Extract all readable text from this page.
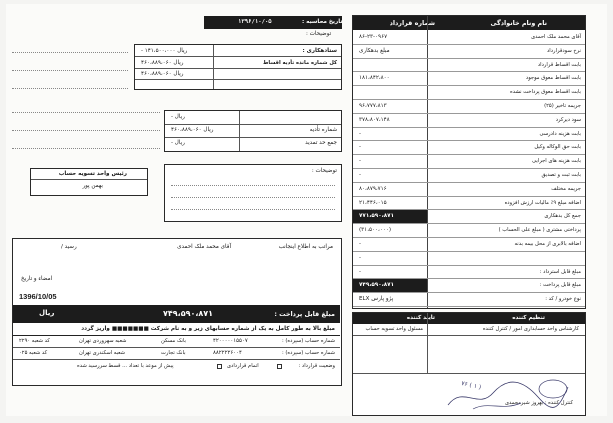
نام ونام خانوادگی
شماره قرارداد
آقای محمد ملک احمدی
۸۶-۲۳-۰۹۶۷
نرخ سودقرارداد
مبلغ بدهکاری
بابت اقساط قرارداد
بابت اقساط معوق موجود
۱۸۱،۸۴۲،۸۰۰
بابت اقساط معوق پرداخت نشده
جریمه تاخیر (۲۵)
۹۶،۷۷۷،۸۱۳
سود دیرکرد
۳۷۸،۸۰۷،۱۴۸
بابت هزینه دادرسی
-
بابت حق الوکاله وکیل
-
بابت هزینه های اجرایی
-
بابت ثبت و تصدیق
-
جریمه مختلف
۸۰،۸۷۹،۷۱۶
اضافه مبلغ ۹٪ مالیات ارزش افزوده
۲۱،۴۴۶،۰۱۵
جمع کل بدهکاری
۷۷۱،۵۹۰،۸۷۱
پرداختی مشتری ( مبلغ علی الحساب )
(۳۱،۵۰۰،۰۰۰)
اضافه بالابری از محل بیمه بدنه
-
-
مبلغ قابل استرداد :
-
مبلغ قابل پرداخت :
۷۴۹،۵۹۰،۸۷۱
نوع خودرو / کد :
پژو پارس ELX
تنظیم کننده
تایید کننده
کارشناس واحد حسابداری امور / کنترل کننده
مسئول واحد تسویه حساب
کنترل کننده : بهروز شیرمحمدی
۷۶ ( ۱ )
تاریخ محاسبه :
۱۳۹۶/۱۰/۰۵
توضیحات :
ستادهکاری :
کل شماره مانده تأدیه اقساط
ریال ۱۴۱،۵۰۰،۰۰۰ -
ریال ۴۶۰،۸۸۹،۰۶۰
ریال ۴۶۰،۸۸۹،۰۶۰
ریال -
شماره تأدیه
ریال ۴۶۰،۸۸۹،۰۶۰
جمع حد تمدید
ریال -
رئیس واحد تسویه حساب
بهمن پور
توضیحات :
مراتب به اطلاع اینجانب
آقای محمد ملک احمدی
رسید /
امضاء و تاریخ
1396/10/05
مبلغ قابل پرداخت :
۷۴۹،۵۹۰،۸۷۱
ریال
مبلغ بالا به طور کامل به یک از شماره حسابهای زیر و به نام شرکت ■■■■■■■ واریز گردد
شماره حساب (سپرده) :
۴۲۰۰۰۰۰۱۵۵۰۷
بانک مسکن
شعبه سهروردی تهران
کد شعبه ۲۲۹۰
شماره حساب (سپرده) :
۸۸۲۲۲۲۶۰۰۴
بانک تجارت
شعبه اسکندری تهران
کد شعبه ۰۲۵
وضعیت قرارداد :
اتمام قراردادی
پیش از موعد با تعداد ... قسط سررسید شده
